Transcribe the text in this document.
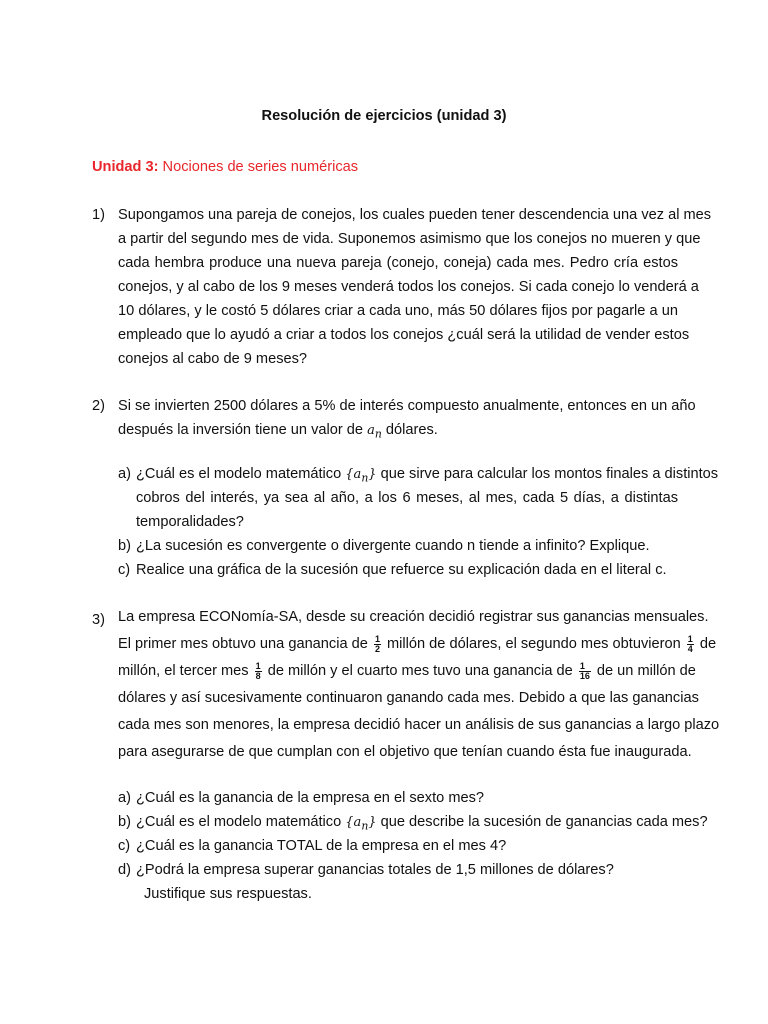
Resolución de ejercicios (unidad 3)
Unidad 3: Nociones de series numéricas
1) Supongamos una pareja de conejos, los cuales pueden tener descendencia una vez al mes
a partir del segundo mes de vida. Suponemos asimismo que los conejos no mueren y que
cada hembra produce una nueva pareja (conejo, coneja) cada mes. Pedro cría estos
conejos, y al cabo de los 9 meses venderá todos los conejos. Si cada conejo lo venderá a
10 dólares, y le costó 5 dólares criar a cada uno, más 50 dólares fijos por pagarle a un
empleado que lo ayudó a criar a todos los conejos ¿cuál será la utilidad de vender estos
conejos al cabo de 9 meses?
2) Si se invierten 2500 dólares a 5% de interés compuesto anualmente, entonces en un año
después la inversión tiene un valor de $a_n$ dólares.
a) ¿Cuál es el modelo matemático $\{a_n\}$ que sirve para calcular los montos finales a distintos
cobros del interés, ya sea al año, a los 6 meses, al mes, cada 5 días, a distintas
temporalidades?
b) ¿La sucesión es convergente o divergente cuando n tiende a infinito? Explique.
c) Realice una gráfica de la sucesión que refuerce su explicación dada en el literal c.
3) La empresa ECONomía-SA, desde su creación decidió registrar sus ganancias mensuales.
El primer mes obtuvo una ganancia de $\frac{1}{2}$ millón de dólares, el segundo mes obtuvieron $\frac{1}{4}$ de
millón, el tercer mes $\frac{1}{8}$ de millón y el cuarto mes tuvo una ganancia de $\frac{1}{16}$ de un millón de
dólares y así sucesivamente continuaron ganando cada mes. Debido a que las ganancias
cada mes son menores, la empresa decidió hacer un análisis de sus ganancias a largo plazo
para asegurarse de que cumplan con el objetivo que tenían cuando ésta fue inaugurada.
a) ¿Cuál es la ganancia de la empresa en el sexto mes?
b) ¿Cuál es el modelo matemático $\{a_n\}$ que describe la sucesión de ganancias cada mes?
c) ¿Cuál es la ganancia TOTAL de la empresa en el mes 4?
d) ¿Podrá la empresa superar ganancias totales de 1,5 millones de dólares?
Justifique sus respuestas.
